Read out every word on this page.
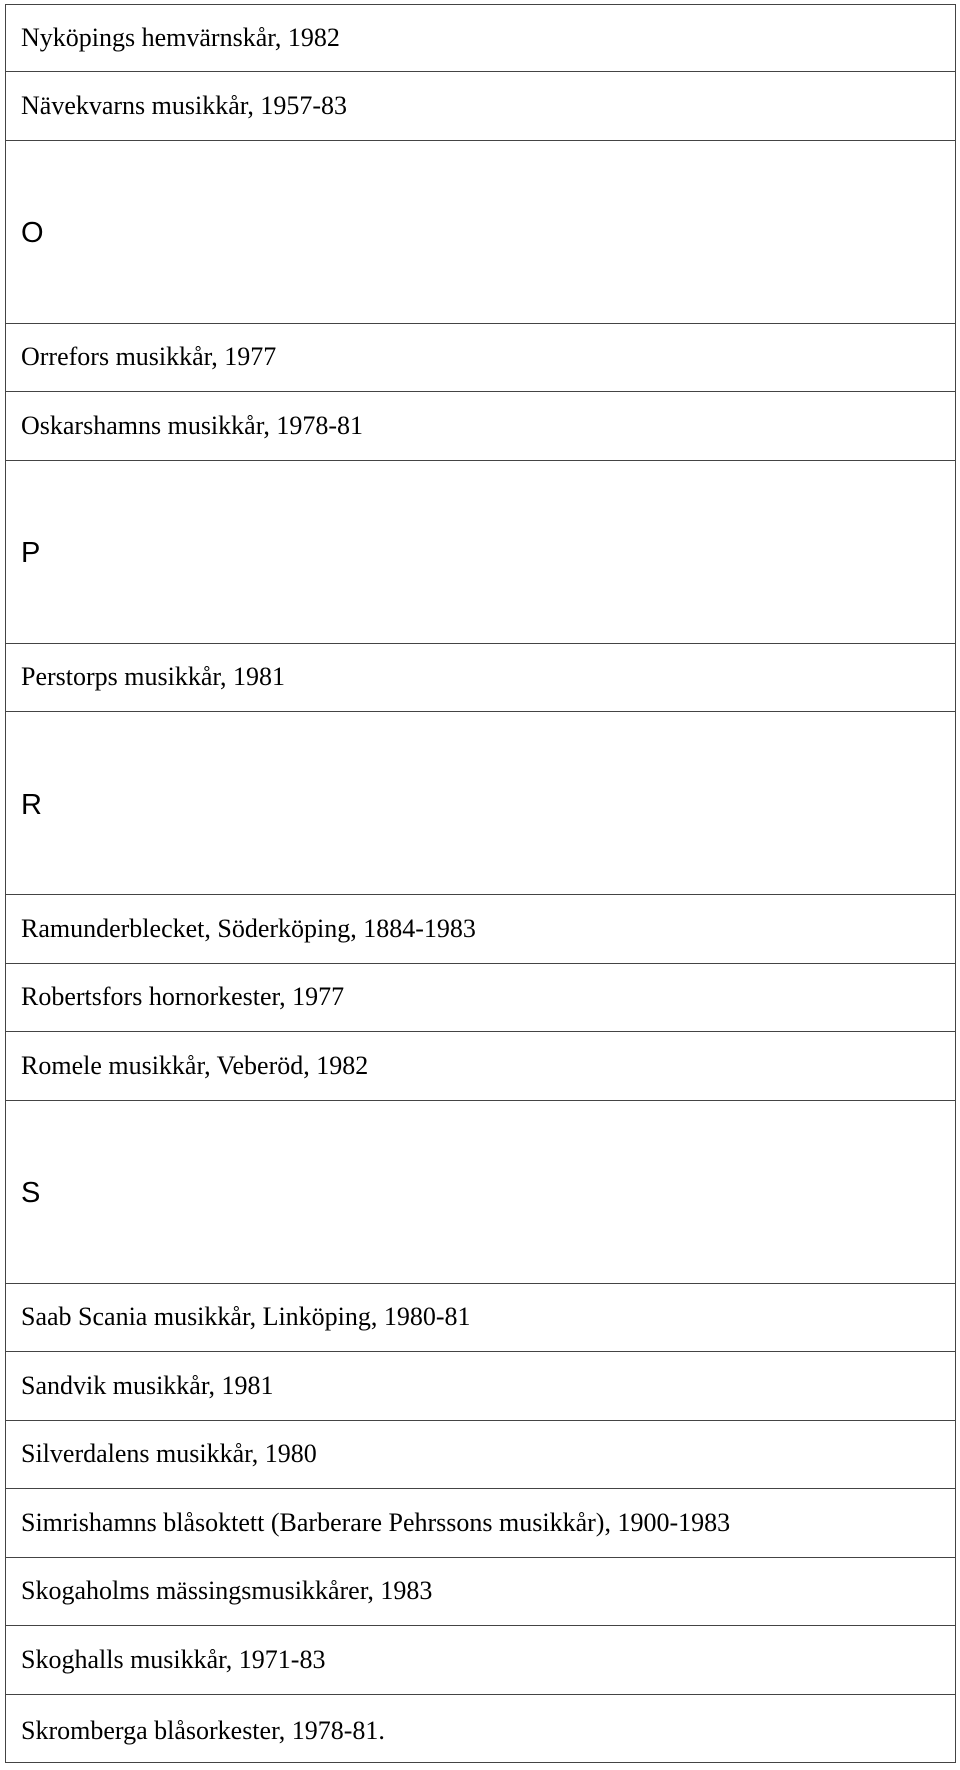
Nyköpings hemvärnskår, 1982
Nävekvarns musikkår, 1957-83
O
Orrefors musikkår, 1977
Oskarshamns musikkår, 1978-81
P
Perstorps musikkår, 1981
R
Ramunderblecket, Söderköping, 1884-1983
Robertsfors hornorkester, 1977
Romele musikkår, Veberöd, 1982
S
Saab Scania musikkår, Linköping, 1980-81
Sandvik musikkår, 1981
Silverdalens musikkår, 1980
Simrishamns blåsoktett (Barberare Pehrssons musikkår), 1900-1983
Skogaholms mässingsmusikkårer, 1983
Skoghalls musikkår, 1971-83
Skromberga blåsorkester, 1978-81.
